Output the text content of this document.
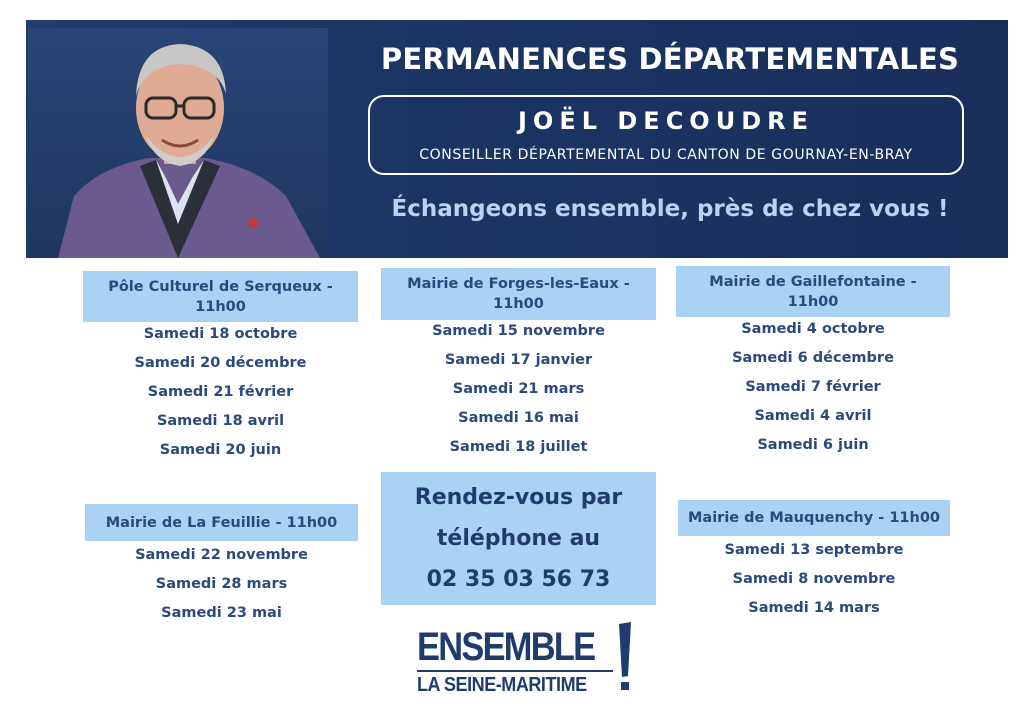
PERMANENCES DÉPARTEMENTALES
JOËL DECOUDRE
CONSEILLER DÉPARTEMENTAL DU CANTON DE GOURNAY-EN-BRAY
Échangeons ensemble, près de chez vous !
Pôle Culturel de Serqueux - 11h00
Samedi 18 octobre
Samedi 20 décembre
Samedi 21 février
Samedi 18 avril
Samedi 20 juin
Mairie de Forges-les-Eaux - 11h00
Samedi 15 novembre
Samedi 17 janvier
Samedi 21 mars
Samedi 16 mai
Samedi 18 juillet
Mairie de Gaillefontaine - 11h00
Samedi 4 octobre
Samedi 6 décembre
Samedi 7 février
Samedi 4 avril
Samedi 6 juin
Mairie de La Feuillie - 11h00
Samedi 22 novembre
Samedi 28 mars
Samedi 23 mai
Mairie de Mauquenchy - 11h00
Samedi 13 septembre
Samedi 8 novembre
Samedi 14 mars
Rendez-vous par
téléphone au
02 35 03 56 73
ENSEMBLE
LA SEINE-MARITIME
